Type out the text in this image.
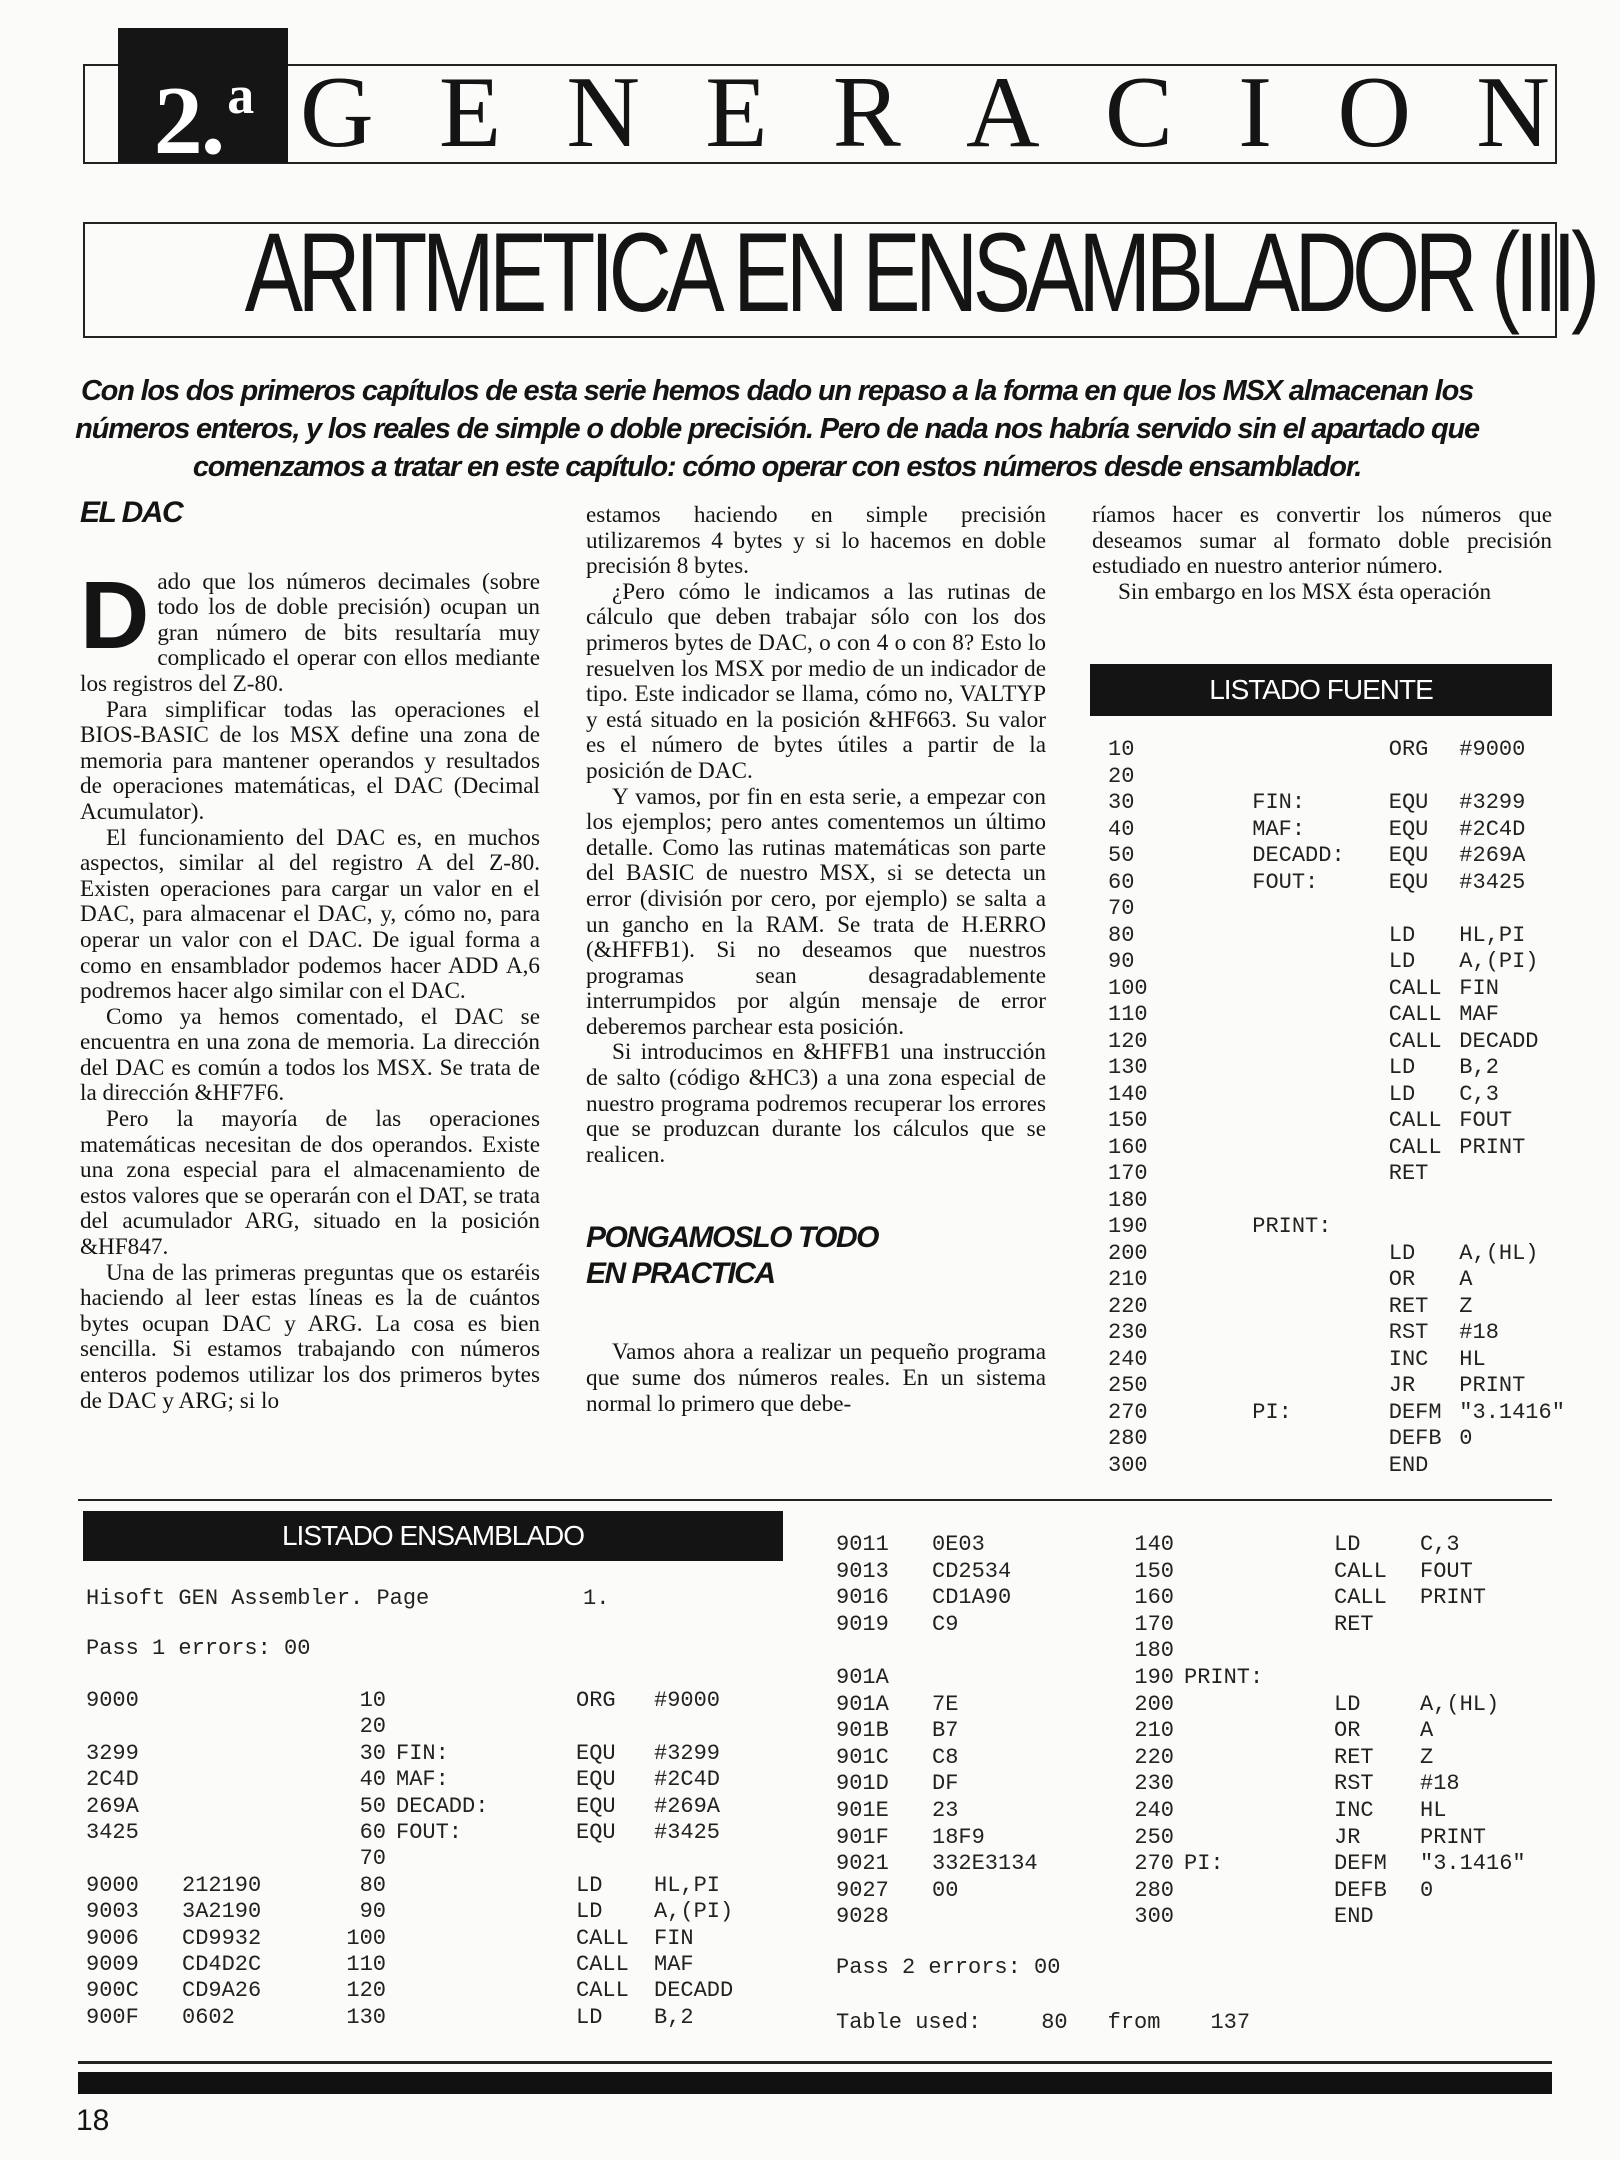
2.$^a$ G E N E R A C I O N
ARITMETICA EN ENSAMBLADOR (III)
Con los dos primeros capítulos de esta serie hemos dado un repaso a la forma en que los MSX almacenan los números enteros, y los reales de simple o doble precisión. Pero de nada nos habría servido sin el apartado que comenzamos a tratar en este capítulo: cómo operar con estos números desde ensamblador.
EL DAC

Dado que los números decimales (sobre todo los de doble precisión) ocupan un gran número de bits resultaría muy complicado el operar con ellos mediante los registros del Z-80.

Para simplificar todas las operaciones el BIOS-BASIC de los MSX define una zona de memoria para mantener operandos y resultados de operaciones matemáticas, el DAC (Decimal Acumulator).

El funcionamiento del DAC es, en muchos aspectos, similar al del registro A del Z-80. Existen operaciones para cargar un valor en el DAC, para almacenar el DAC, y, cómo no, para operar un valor con el DAC. De igual forma a como en ensamblador podemos hacer ADD A,6 podremos hacer algo similar con el DAC.

Como ya hemos comentado, el DAC se encuentra en una zona de memoria. La dirección del DAC es común a todos los MSX. Se trata de la dirección &HF7F6.

Pero la mayoría de las operaciones matemáticas necesitan de dos operandos. Existe una zona especial para el almacenamiento de estos valores que se operarán con el DAT, se trata del acumulador ARG, situado en la posición &HF847.

Una de las primeras preguntas que os estaréis haciendo al leer estas líneas es la de cuántos bytes ocupan DAC y ARG. La cosa es bien sencilla. Si estamos trabajando con números enteros podemos utilizar los dos primeros bytes de DAC y ARG; si lo

estamos haciendo en simple precisión utilizaremos 4 bytes y si lo hacemos en doble precisión 8 bytes.

¿Pero cómo le indicamos a las rutinas de cálculo que deben trabajar sólo con los dos primeros bytes de DAC, o con 4 o con 8? Esto lo resuelven los MSX por medio de un indicador de tipo. Este indicador se llama, cómo no, VALTYP y está situado en la posición &HF663. Su valor es el número de bytes útiles a partir de la posición de DAC.

Y vamos, por fin en esta serie, a empezar con los ejemplos; pero antes comentemos un último detalle. Como las rutinas matemáticas son parte del BASIC de nuestro MSX, si se detecta un error (división por cero, por ejemplo) se salta a un gancho en la RAM. Se trata de H.ERRO (&HFFB1). Si no deseamos que nuestros programas sean desagradablemente interrumpidos por algún mensaje de error deberemos parchear esta posición.

Si introducimos en &HFFB1 una instrucción de salto (código &HC3) a una zona especial de nuestro programa podremos recuperar los errores que se produzcan durante los cálculos que se realicen.

PONGAMOSLO TODO
EN PRACTICA

Vamos ahora a realizar un pequeño programa que sume dos números reales. En un sistema normal lo primero que debe-

ríamos hacer es convertir los números que deseamos sumar al formato doble precisión estudiado en nuestro anterior número.

Sin embargo en los MSX ésta operación

LISTADO FUENTE
10		ORG	#9000
20			
30	FIN:	EQU	#3299
40	MAF:	EQU	#2C4D
50	DECADD:	EQU	#269A
60	FOUT:	EQU	#3425
70			
80		LD	HL,PI
90		LD	A,(PI)
100		CALL	FIN
110		CALL	MAF
120		CALL	DECADD
130		LD	B,2
140		LD	C,3
150		CALL	FOUT
160		CALL	PRINT
170		RET	
180			
190	PRINT:		
200		LD	A,(HL)
210		OR	A
220		RET	Z
230		RST	#18
240		INC	HL
250		JR	PRINT
270	PI:	DEFM	"3.1416"
280		DEFB	0
300		END	
LISTADO ENSAMBLADO
Hisoft GEN Assembler. Page	1.
Pass 1 errors: 00
9000		10		ORG	#9000
		20			
3299		30	FIN:	EQU	#3299
2C4D		40	MAF:	EQU	#2C4D
269A		50	DECADD:	EQU	#269A
3425		60	FOUT:	EQU	#3425
		70			
9000	212190	80		LD	HL,PI
9003	3A2190	90		LD	A,(PI)
9006	CD9932	100		CALL	FIN
9009	CD4D2C	110		CALL	MAF
900C	CD9A26	120		CALL	DECADD
900F	0602	130		LD	B,2
9011	0E03	140		LD	C,3
9013	CD2534	150		CALL	FOUT
9016	CD1A90	160		CALL	PRINT
9019	C9	170		RET	
		180			
901A		190	PRINT:		
901A	7E	200		LD	A,(HL)
901B	B7	210		OR	A
901C	C8	220		RET	Z
901D	DF	230		RST	#18
901E	23	240		INC	HL
901F	18F9	250		JR	PRINT
9021	332E3134	270	PI:	DEFM	"3.1416"
9027	00	280		DEFB	0
9028		300		END	
Pass 2 errors: 00
Table used:	80 from 137
18
